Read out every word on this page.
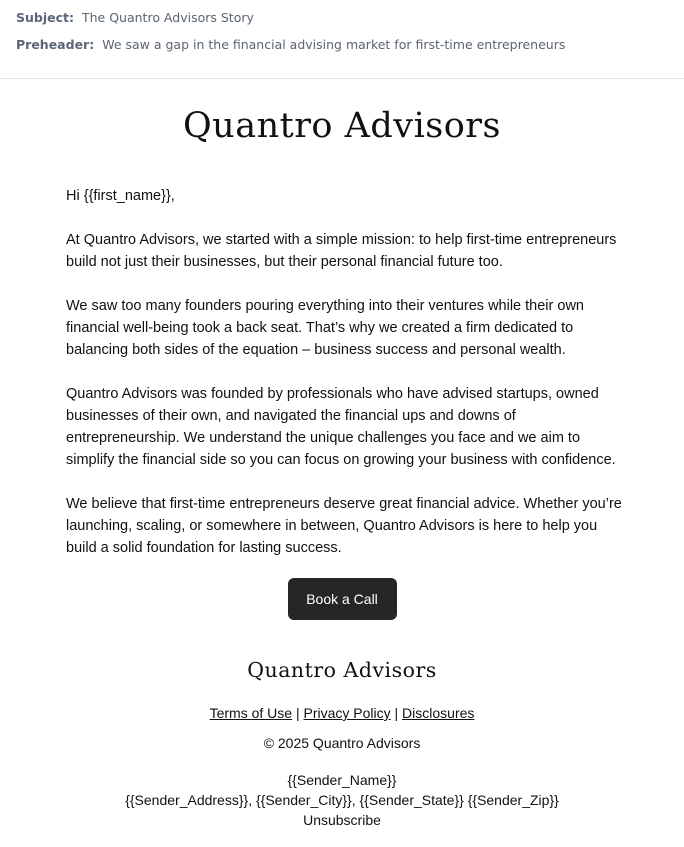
Subject: The Quantro Advisors Story
Preheader: We saw a gap in the financial advising market for first-time entrepreneurs
Quantro Advisors

Hi {{first_name}},

At Quantro Advisors, we started with a simple mission: to help first-time entrepreneurs build not just their businesses, but their personal financial future too.

We saw too many founders pouring everything into their ventures while their own financial well-being took a back seat. That’s why we created a firm dedicated to balancing both sides of the equation – business success and personal wealth.

Quantro Advisors was founded by professionals who have advised startups, owned businesses of their own, and navigated the financial ups and downs of entrepreneurship. We understand the unique challenges you face and we aim to simplify the financial side so you can focus on growing your business with confidence.

We believe that first-time entrepreneurs deserve great financial advice. Whether you’re launching, scaling, or somewhere in between, Quantro Advisors is here to help you build a solid foundation for lasting success.

Book a Call
Quantro Advisors
Terms of Use | Privacy Policy | Disclosures
© 2025 Quantro Advisors
{{Sender_Name}}
{{Sender_Address}}, {{Sender_City}}, {{Sender_State}} {{Sender_Zip}}
Unsubscribe
